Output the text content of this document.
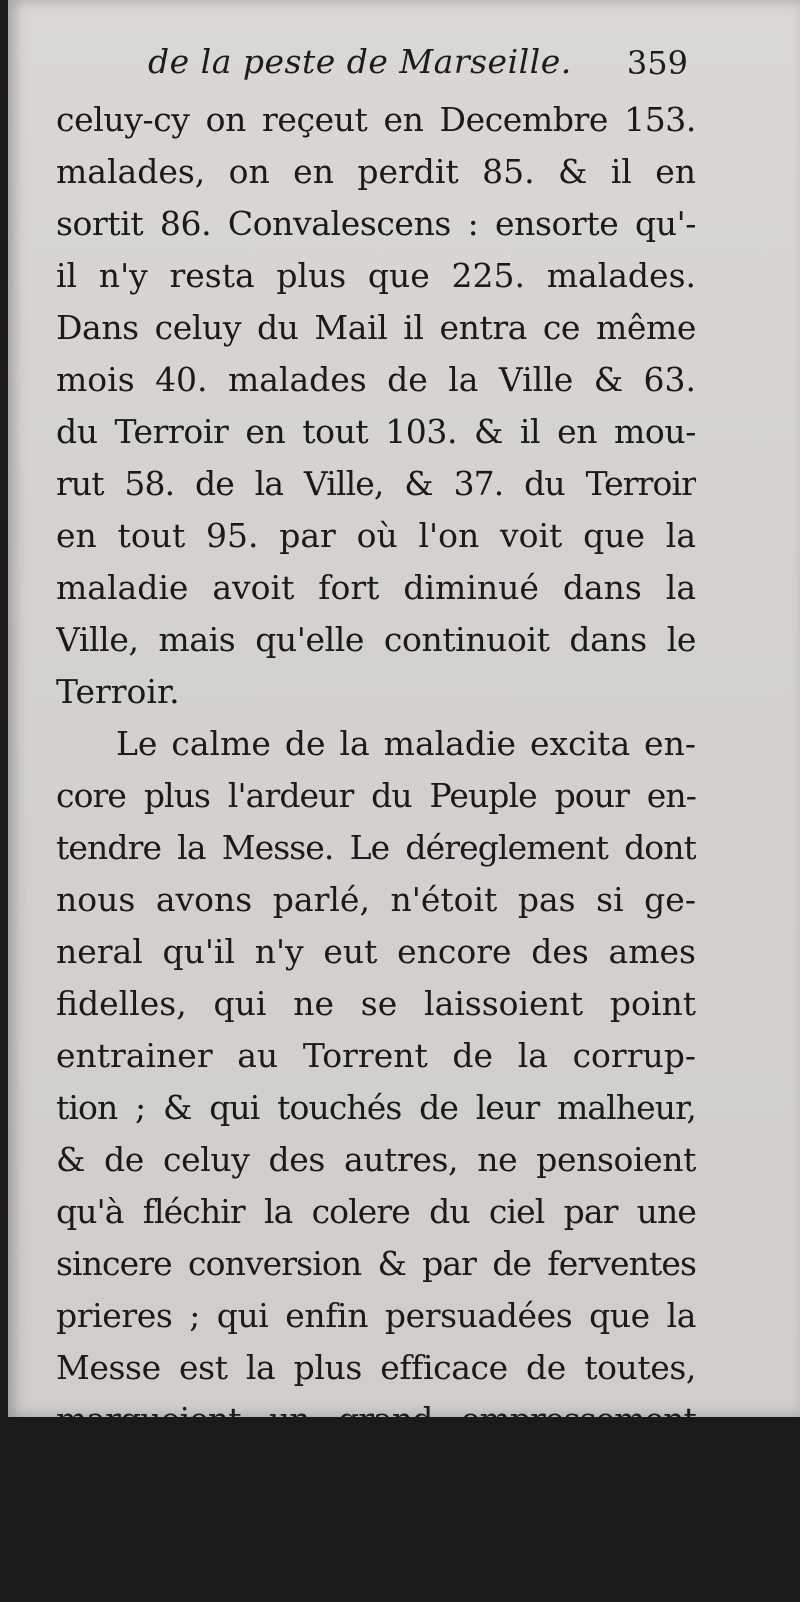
de la peste de Marseille. 359
celuy-cy on reçeut en Decembre 153.
malades, on en perdit 85. & il en
sortit 86. Convalescens : ensorte qu'-
il n'y resta plus que 225. malades.
Dans celuy du Mail il entra ce même
mois 40. malades de la Ville & 63.
du Terroir en tout 103. & il en mou-
rut 58. de la Ville, & 37. du Terroir
en tout 95. par où l'on voit que la
maladie avoit fort diminué dans la
Ville, mais qu'elle continuoit dans le
Terroir.
Le calme de la maladie excita en-
core plus l'ardeur du Peuple pour en-
tendre la Messe. Le déreglement dont
nous avons parlé, n'étoit pas si ge-
neral qu'il n'y eut encore des ames
fidelles, qui ne se laissoient point
entrainer au Torrent de la corrup-
tion ; & qui touchés de leur malheur,
& de celuy des autres, ne pensoient
qu'à fléchir la colere du ciel par une
sincere conversion & par de ferventes
prieres ; qui enfin persuadées que la
Messe est la plus efficace de toutes,
marquoient un grand empressement
d'assister à ce saint Sacrifice. Mr.
l'Evêque ne crût pas devoir differer
davantage de contenter la devotion
